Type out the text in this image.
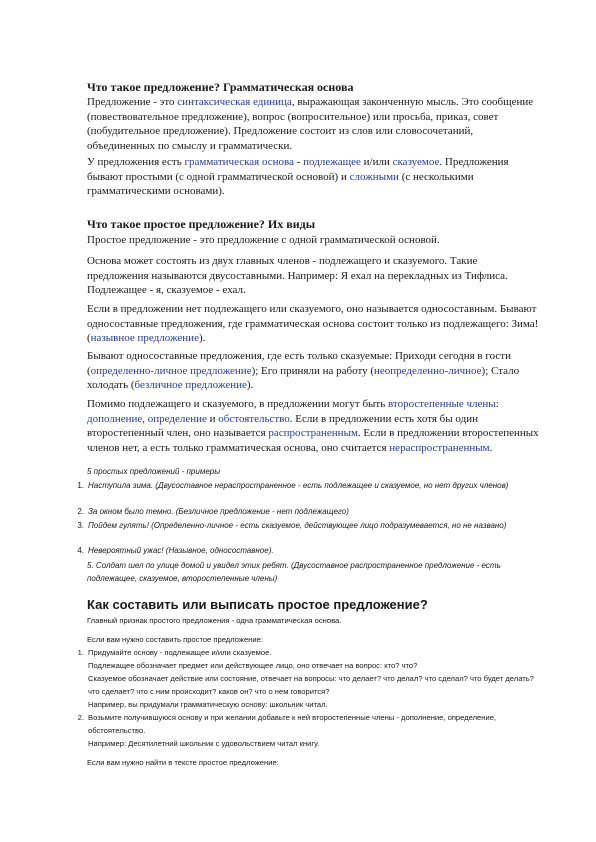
Что такое предложение? Грамматическая основа

Предложение - это синтаксическая единица, выражающая законченную мысль. Это сообщение (повествовательное предложение), вопрос (вопросительное) или просьба, приказ, совет (побудительное предложение). Предложение состоит из слов или словосочетаний, объединенных по смыслу и грамматически.

У предложения есть грамматическая основа - подлежащее и/или сказуемое. Предложения бывают простыми (с одной грамматической основой) и сложными (с несколькими грамматическими основами).

Что такое простое предложение? Их виды

Простое предложение - это предложение с одной грамматической основой.

Основа может состоять из двух главных членов - подлежащего и сказуемого. Такие предложения называются двусоставными. Например: Я ехал на перекладных из Тифлиса. Подлежащее - я, сказуемое - ехал.

Если в предложении нет подлежащего или сказуемого, оно называется односоставным. Бывают односоставные предложения, где грамматическая основа состоит только из подлежащего: Зима! (назывное предложение).

Бывают односоставные предложения, где есть только сказуемые: Приходи сегодня в гости (определенно-личное предложение); Его приняли на работу (неопределенно-личное); Стало холодать (безличное предложение).

Помимо подлежащего и сказуемого, в предложении могут быть второстепенные члены: дополнение, определение и обстоятельство. Если в предложении есть хотя бы один второстепенный член, оно называется распространенным. Если в предложении второстепенных членов нет, а есть только грамматическая основа, оно считается нераспространенным.

5 простых предложений - примеры

1. Наступила зима. (Двусоставное нераспространенное - есть подлежащее и сказуемое, но нет других членов)
2. За окном было темно. (Безличное предложение - нет подлежащего)
3. Пойдем гулять! (Определенно-личное - есть сказуемое, действующее лицо подразумевается, но не названо)
4. Невероятный ужас! (Назывное, односоставное).

5. Солдат шел по улице домой и увидел этих ребят. (Двусоставное распространенное предложение - есть подлежащее, сказуемое, второстепенные члены)

Как составить или выписать простое предложение?

Главный признак простого предложения - одна грамматическая основа.

Если вам нужно составить простое предложение:

1. Придумайте основу - подлежащее и/или сказуемое.
Подлежащее обозначает предмет или действующее лицо, оно отвечает на вопрос: кто? что?
Сказуемое обозначает действие или состояние, отвечает на вопросы: что делает? что делал? что сделал? что будет делать? что сделает? что с ним происходит? каков он? что о нем говорится?
Например, вы придумали грамматическую основу: школьник читал.
2. Возьмите получившуюся основу и при желании добавьте к ней второстепенные члены - дополнение, определение, обстоятельство.
Например: Десятилетний школьник с удовольствием читал книгу.

Если вам нужно найти в тексте простое предложение:
